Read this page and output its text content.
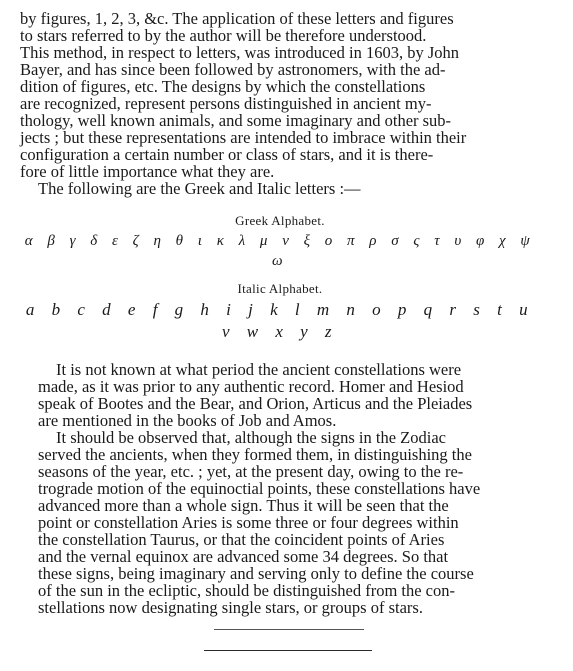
by figures, 1, 2, 3, &c. The application of these letters and figures
to stars referred to by the author will be therefore understood.
This method, in respect to letters, was introduced in 1603, by John
Bayer, and has since been followed by astronomers, with the ad-
dition of figures, etc. The designs by which the constellations
are recognized, represent persons distinguished in ancient my-
thology, well known animals, and some imaginary and other sub-
jects ; but these representations are intended to imbrace within their
configuration a certain number or class of stars, and it is there-
fore of little importance what they are.

The following are the Greek and Italic letters :—

Greek Alphabet.
α β γ δ ε ζ η θ ι κ λ μ ν ξ ο π ρ σ ς τ υ φ χ ψ ω
Italic Alphabet.
a b c d e f g h i j k l m n o p q r s t u v w x y z

It is not known at what period the ancient constellations were
made, as it was prior to any authentic record. Homer and Hesiod
speak of Bootes and the Bear, and Orion, Articus and the Pleiades
are mentioned in the books of Job and Amos.

It should be observed that, although the signs in the Zodiac
served the ancients, when they formed them, in distinguishing the
seasons of the year, etc. ; yet, at the present day, owing to the re-
trograde motion of the equinoctial points, these constellations have
advanced more than a whole sign. Thus it will be seen that the
point or constellation Aries is some three or four degrees within
the constellation Taurus, or that the coincident points of Aries
and the vernal equinox are advanced some 34 degrees. So that
these signs, being imaginary and serving only to define the course
of the sun in the ecliptic, should be distinguished from the con-
stellations now designating single stars, or groups of stars.
